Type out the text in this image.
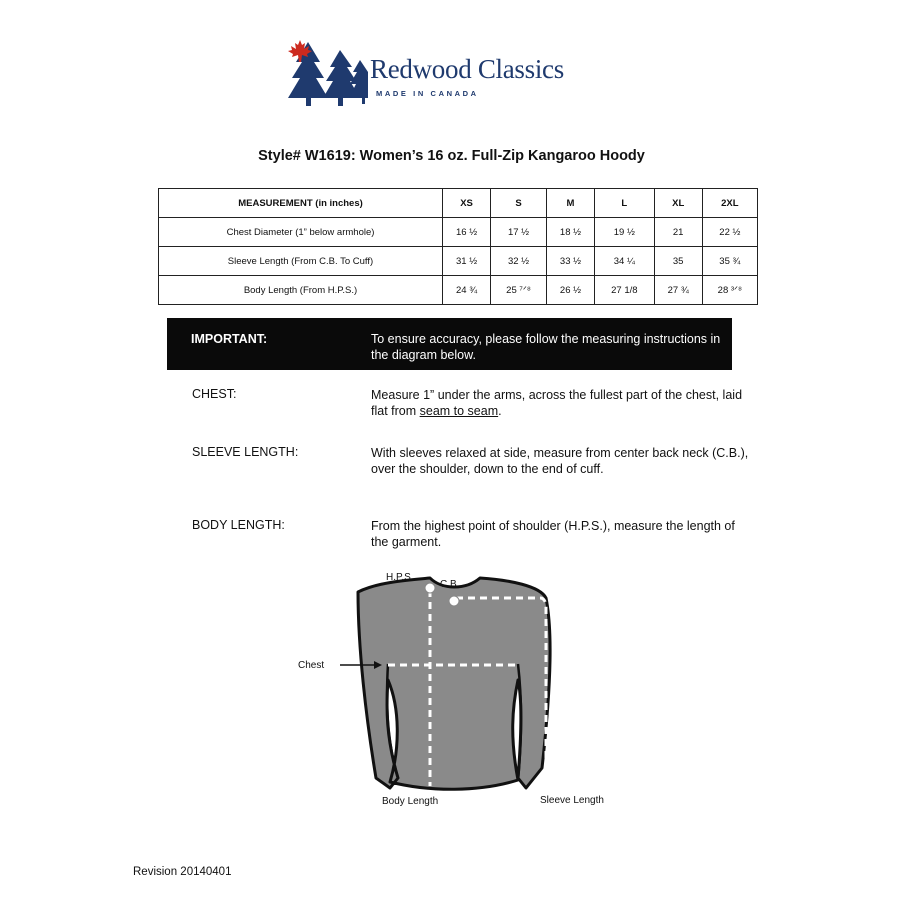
Redwood Classics
MADE IN CANADA
Style# W1619: Women’s 16 oz. Full-Zip Kangaroo Hoody
MEASUREMENT (in inches)	XS	S	M	L	XL	2XL
Chest Diameter (1” below armhole)	16 ½	17 ½	18 ½	19 ½	21	22 ½
Sleeve Length (From C.B. To Cuff)	31 ½	32 ½	33 ½	34 ¼	35	35 ¾
Body Length (From H.P.S.)	24 ¾	25 ⁷ᐟ⁸	26 ½	27 1/8	27 ¾	28 ³ᐟ⁸
IMPORTANT:	To ensure accuracy, please follow the measuring instructions in the diagram below.
CHEST:	Measure 1” under the arms, across the fullest part of the chest, laid flat from seam to seam.
SLEEVE LENGTH:	With sleeves relaxed at side, measure from center back neck (C.B.), over the shoulder, down to the end of cuff.
BODY LENGTH:	From the highest point of shoulder (H.P.S.), measure the length of the garment.
H.P.S.
C.B.
Chest
Body Length	Sleeve Length
Revision 20140401
